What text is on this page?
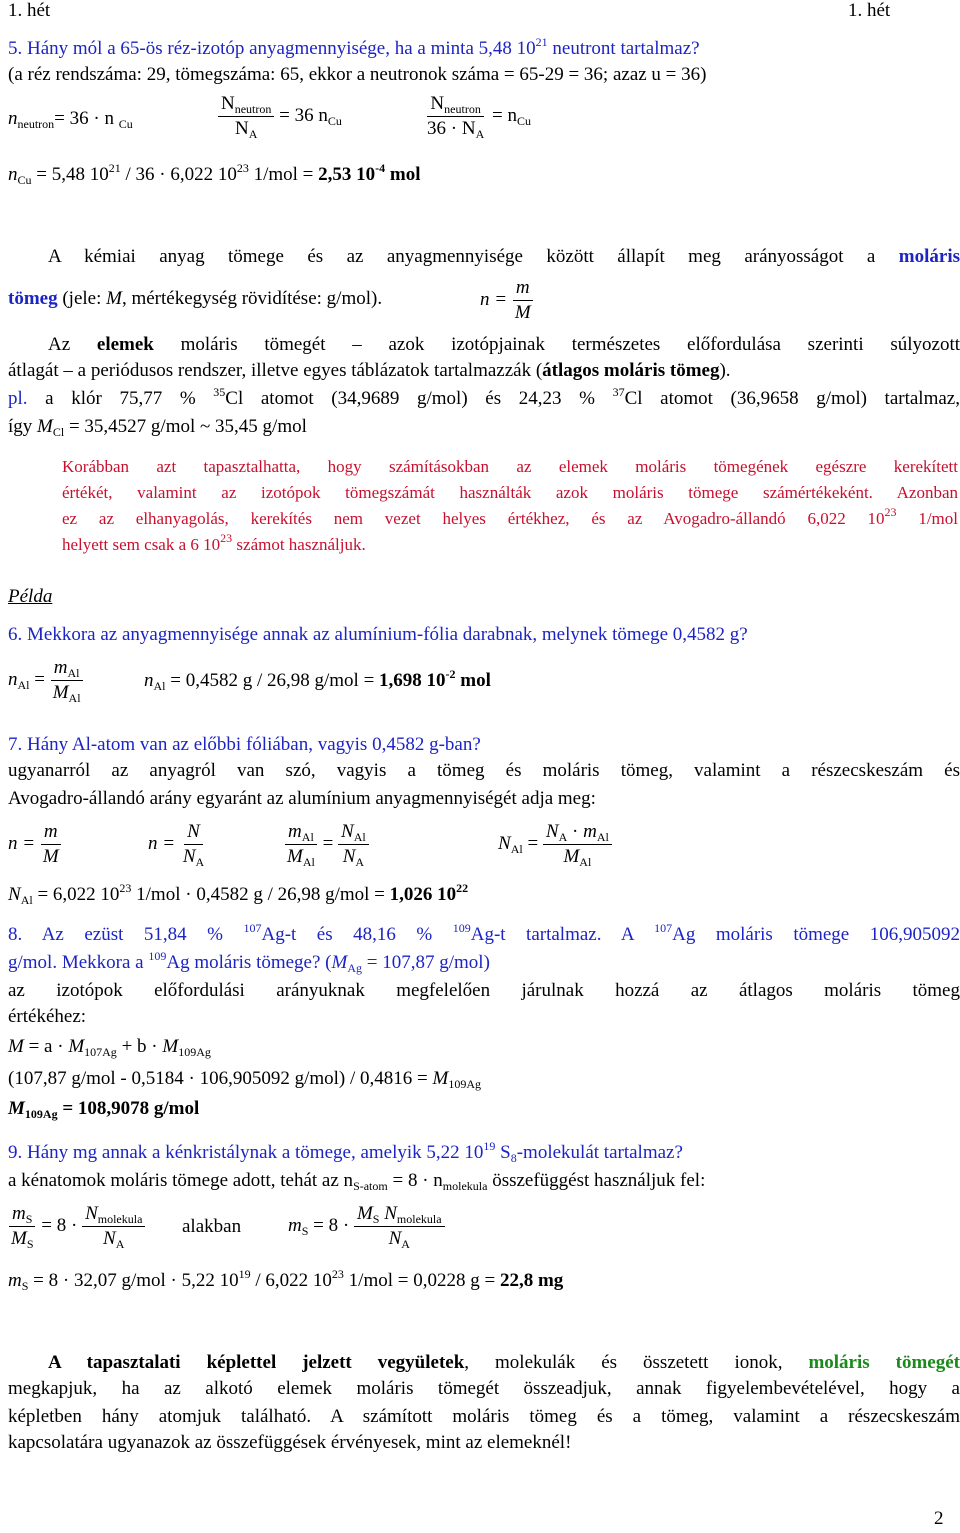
1. hét	1. hét
5. Hány mól a 65-ös réz-izotóp anyagmennyisége, ha a minta 5,48 $10^{21}$ neutront tartalmaz?
(a réz rendszáma: 29, tömegszáma: 65, ekkor a neutronok száma = 65-29 = 36; azaz u = 36)
$n_{neutron}= 36 \cdot n$ $_{Cu}$	$\frac{N_{neutron}}{N_A} = 36$ $n_{Cu}$	$\frac{N_{neutron}}{36 \cdot N_A} = n_{Cu}$
$n_{Cu} = 5,48$ $10^{21} / 36 \cdot 6,022$ $10^{23}$ 1/mol = 2,53 $10^{-4}$ mol
A kémiai anyag tömege és az anyagmennyisége között állapít meg arányosságot a moláris
tömeg (jele: M, mértékegység rövidítése: g/mol).	$n = \frac{m}{M}$
Az elemek moláris tömegét – azok izotópjainak természetes előfordulása szerinti súlyozott
átlagát – a periódusos rendszer, illetve egyes táblázatok tartalmazzák (átlagos moláris tömeg).
pl. a klór 75,77 % $^{35}$Cl atomot (34,9689 g/mol) és 24,23 % $^{37}$Cl atomot (36,9658 g/mol) tartalmaz,
így $M_{Cl} = 35,4527$ g/mol ~ 35,45 g/mol
Korábban azt tapasztalhatta, hogy számításokban az elemek moláris tömegének egészre kerekített
értékét, valamint az izotópok tömegszámát használták azok moláris tömege számértékeként. Azonban
ez az elhanyagolás, kerekítés nem vezet helyes értékhez, és az Avogadro-állandó 6,022 $10^{23}$ 1/mol
helyett sem csak a 6 $10^{23}$ számot használjuk.
Példa
6. Mekkora az anyagmennyisége annak az alumínium-fólia darabnak, melynek tömege 0,4582 g?
$n_{Al} = \frac{m_{Al}}{M_{Al}}$	$n_{Al} = 0,4582$ g / 26,98 g/mol = 1,698 $10^{-2}$ mol
7. Hány Al-atom van az előbbi fóliában, vagyis 0,4582 g-ban?
ugyanarról az anyagról van szó, vagyis a tömeg és moláris tömeg, valamint a részecskeszám és
Avogadro-állandó arány egyaránt az alumínium anyagmennyiségét adja meg:
$n = \frac{m}{M}$	$n = \frac{N}{N_A}$	$\frac{m_{Al}}{M_{Al}} = \frac{N_{Al}}{N_A}$	$N_{Al} = \frac{N_A \cdot m_{Al}}{M_{Al}}$
$N_{Al} = 6,022$ $10^{23}$ 1/mol · 0,4582 g / 26,98 g/mol = 1,026 $10^{22}$
8. Az ezüst 51,84 % $^{107}$Ag-t és 48,16 % $^{109}$Ag-t tartalmaz. A $^{107}$Ag moláris tömege 106,905092
g/mol. Mekkora a $^{109}$Ag moláris tömege? ($M_{Ag} = 107,87$ g/mol)
az izotópok előfordulási arányuknak megfelelően járulnak hozzá az átlagos moláris tömeg
értékéhez:
$M = a \cdot M_{107Ag} + b \cdot M_{109Ag}$
(107,87 g/mol - 0,5184 · 106,905092 $g/mol) / 0,4816 = M_{109Ag}$
$M_{109Ag} = 108,9078$ g/mol
9. Hány mg annak a kénkristálynak a tömege, amelyik 5,22 $10^{19}$ $S_8$-molekulát tartalmaz?
a kénatomok moláris tömege adott, tehát az $n_{S-atom} = 8 \cdot n_{molekula}$ összefüggést használjuk fel:
$\frac{m_S}{M_S} = 8 \cdot \frac{N_{molekula}}{N_A}$ alakban $m_S = 8 \cdot \frac{M_S N_{molekula}}{N_A}$
$m_S = 8 \cdot 32,07$ g/mol · 5,22 $10^{19} / 6,022$ $10^{23}$ 1/mol = 0,0228 g = 22,8 mg
A tapasztalati képlettel jelzett vegyületek, molekulák és összetett ionok, moláris tömegét
megkapjuk, ha az alkotó elemek moláris tömegét összeadjuk, annak figyelembevételével, hogy a
képletben hány atomjuk található. A számított moláris tömeg és a tömeg, valamint a részecskeszám
kapcsolatára ugyanazok az összefüggések érvényesek, mint az elemeknél!
2
